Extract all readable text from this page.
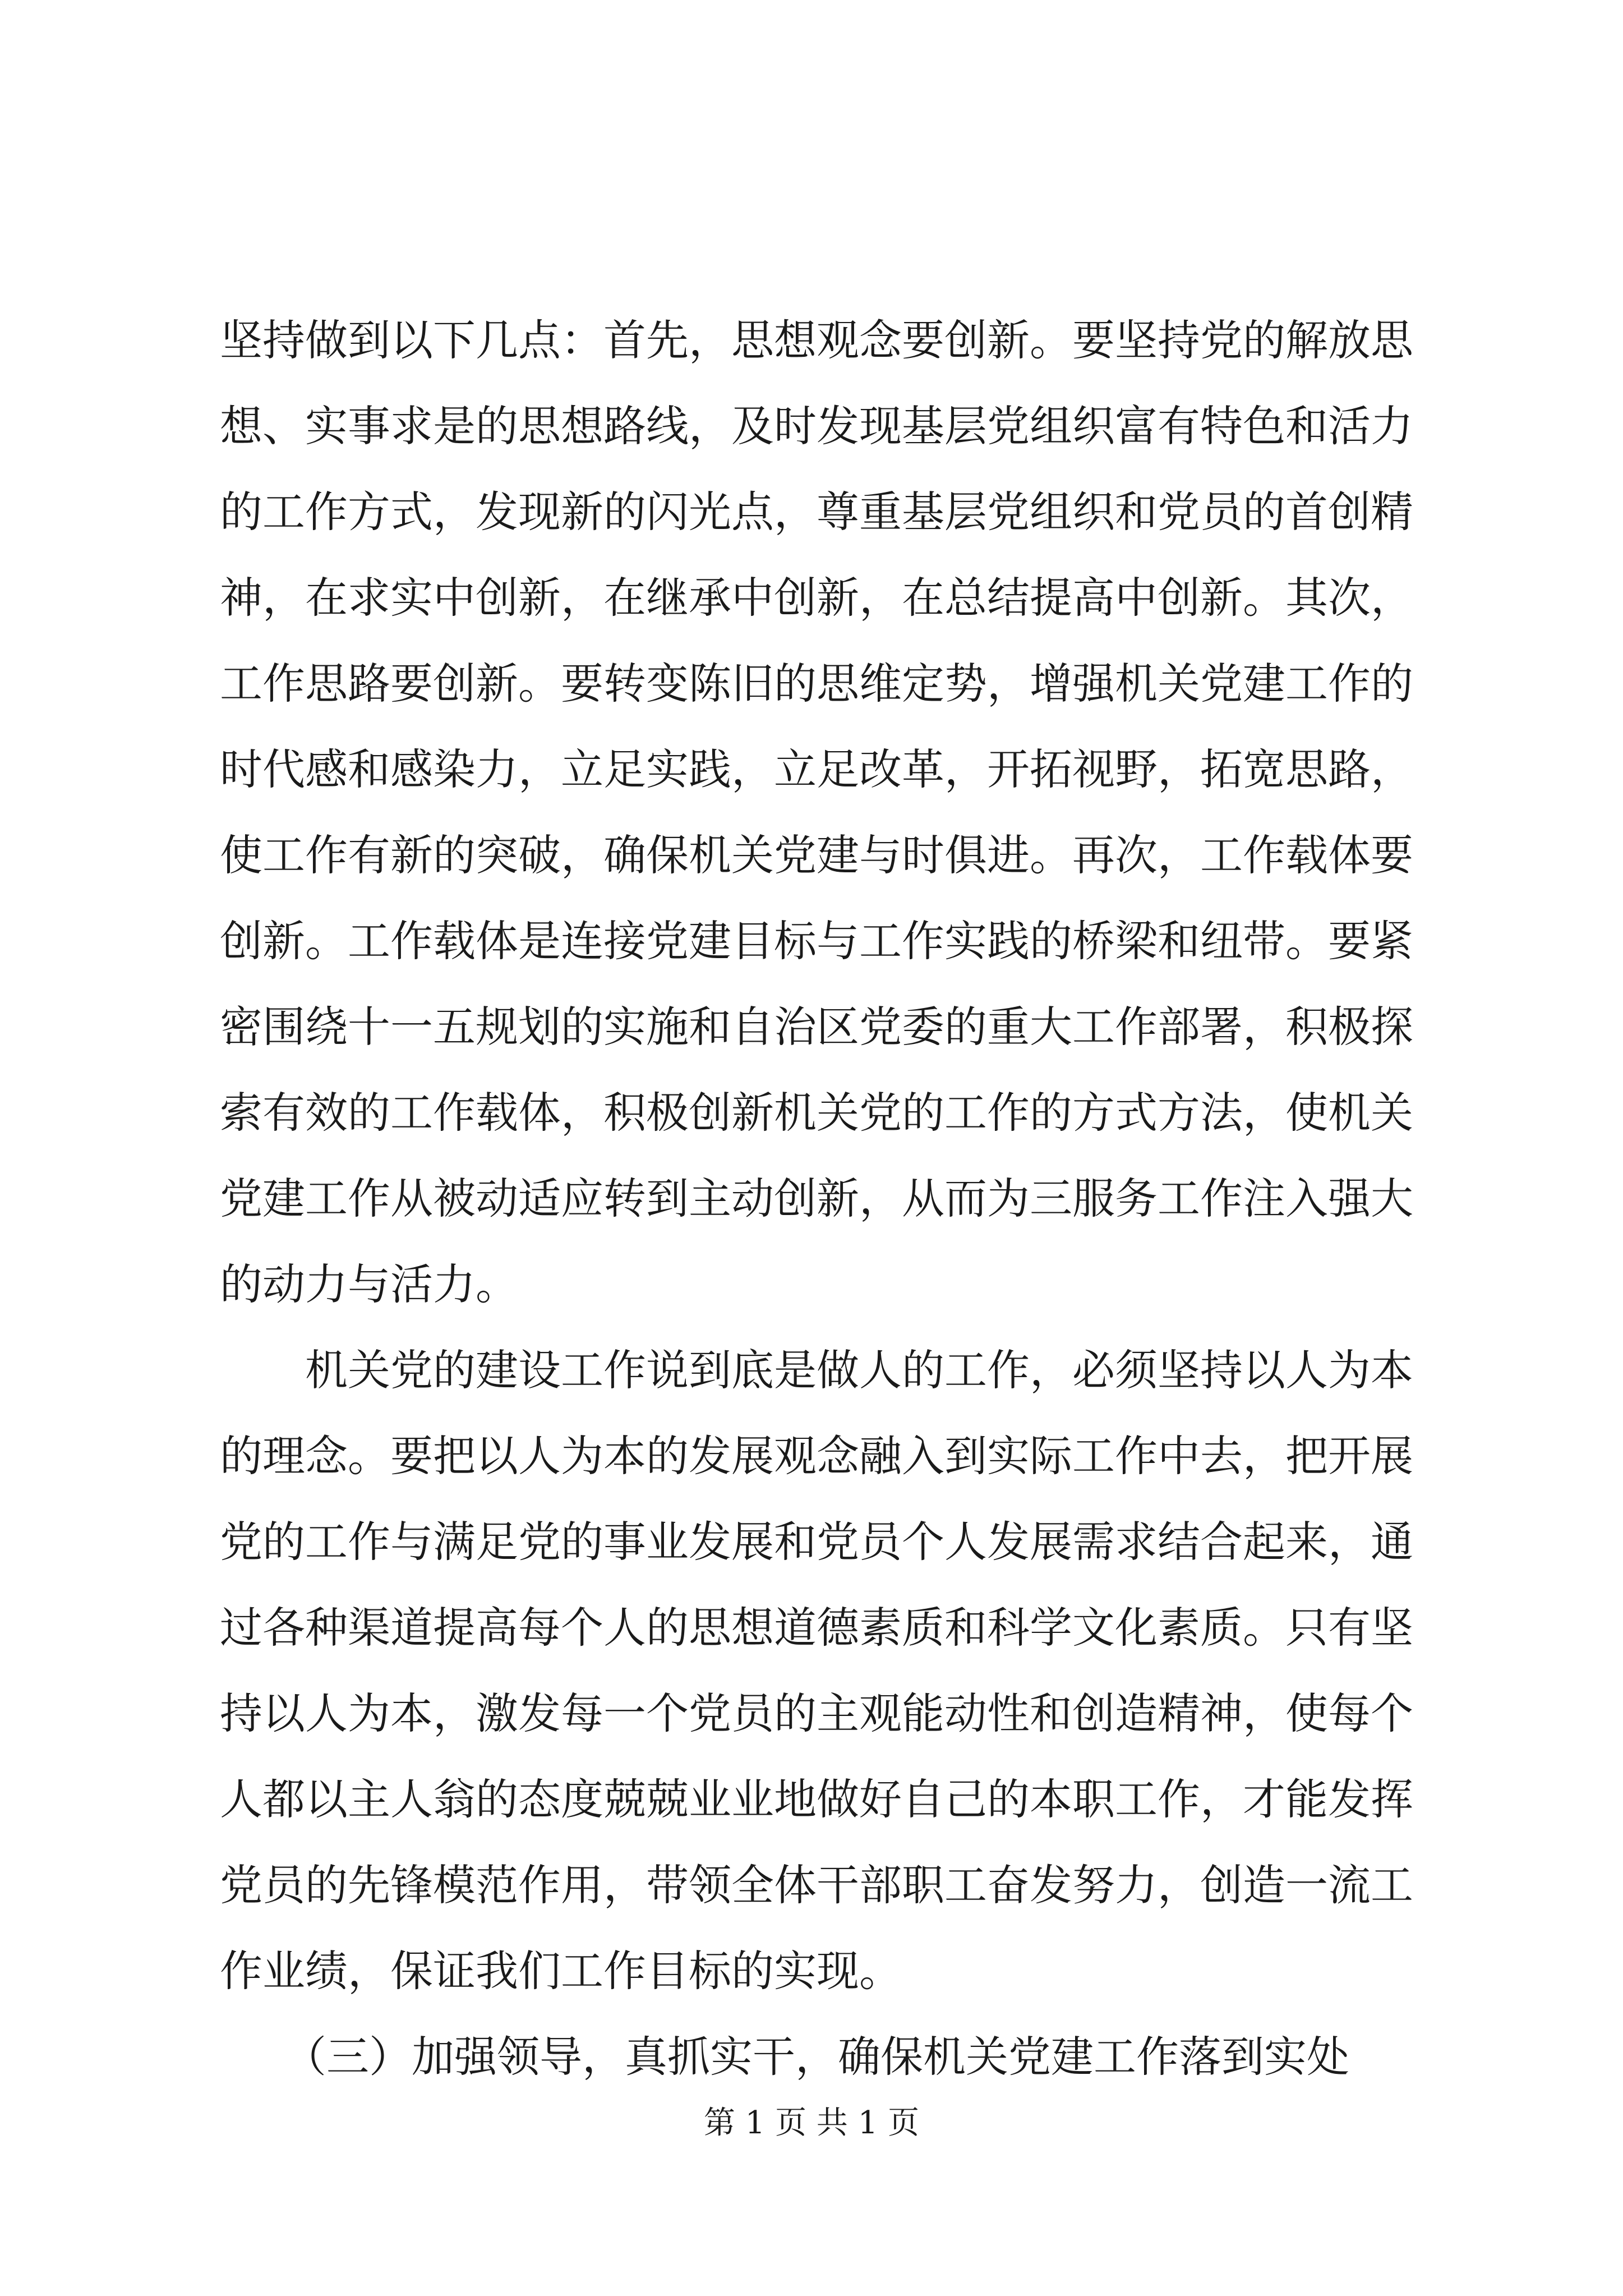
坚持做到以下几点：首先，思想观念要创新。要坚持党的解放思
想、实事求是的思想路线，及时发现基层党组织富有特色和活力
的工作方式，发现新的闪光点，尊重基层党组织和党员的首创精
神，在求实中创新，在继承中创新，在总结提高中创新。其次，
工作思路要创新。要转变陈旧的思维定势，增强机关党建工作的
时代感和感染力，立足实践，立足改革，开拓视野，拓宽思路，
使工作有新的突破，确保机关党建与时俱进。再次，工作载体要
创新。工作载体是连接党建目标与工作实践的桥梁和纽带。要紧
密围绕十一五规划的实施和自治区党委的重大工作部署，积极探
索有效的工作载体，积极创新机关党的工作的方式方法，使机关
党建工作从被动适应转到主动创新，从而为三服务工作注入强大
的动力与活力。
　　机关党的建设工作说到底是做人的工作，必须坚持以人为本
的理念。要把以人为本的发展观念融入到实际工作中去，把开展
党的工作与满足党的事业发展和党员个人发展需求结合起来，通
过各种渠道提高每个人的思想道德素质和科学文化素质。只有坚
持以人为本，激发每一个党员的主观能动性和创造精神，使每个
人都以主人翁的态度兢兢业业地做好自己的本职工作，才能发挥
党员的先锋模范作用，带领全体干部职工奋发努力，创造一流工
作业绩，保证我们工作目标的实现。
　　（三）加强领导，真抓实干，确保机关党建工作落到实处
第 1 页 共 1 页
